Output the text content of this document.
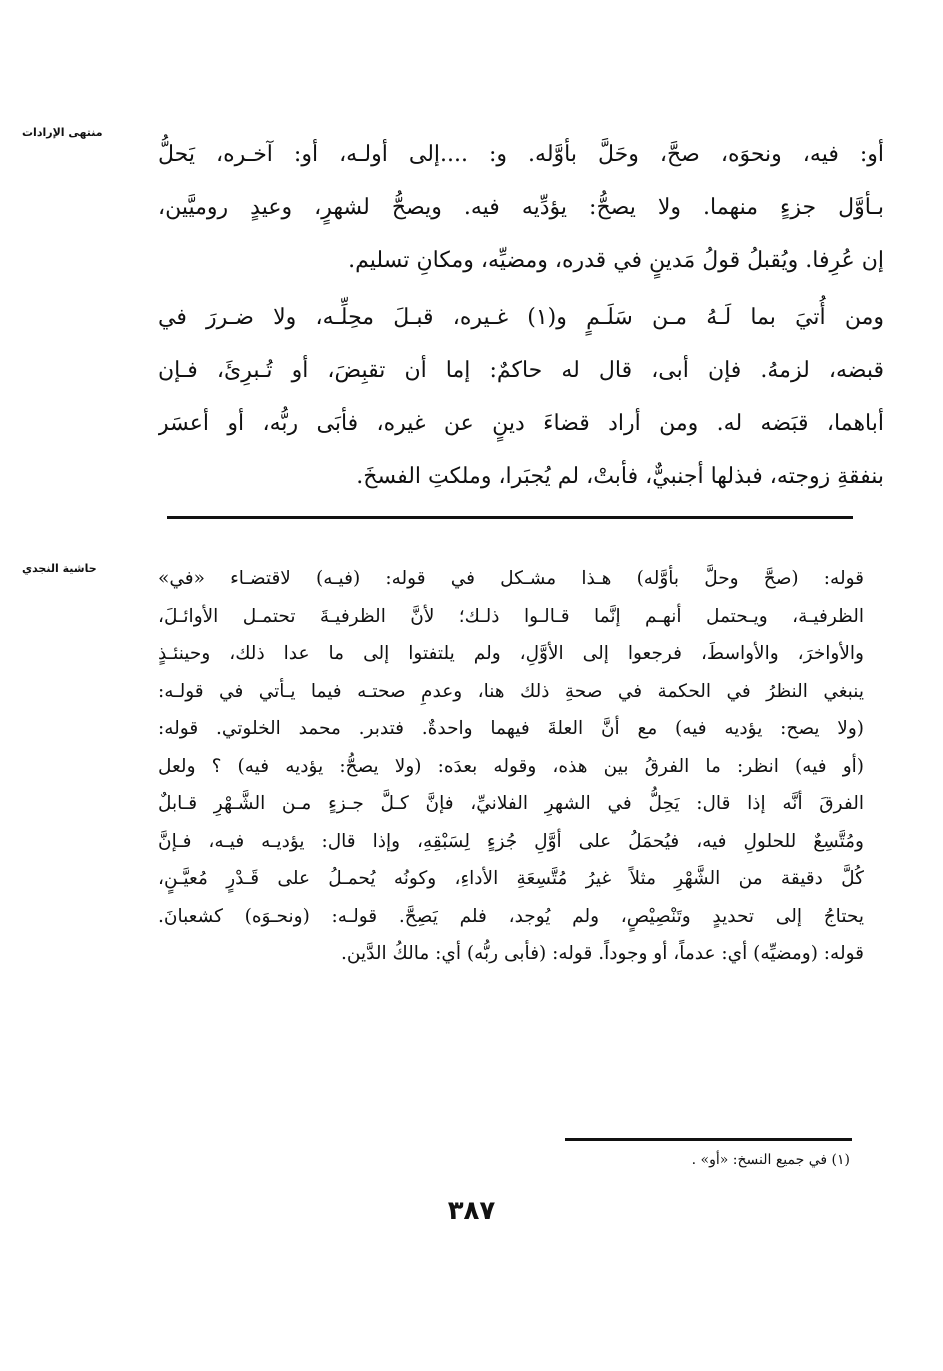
منتهى الإرادات
أو: فيه، ونحوَه، صحَّ، وحَلَّ بأوَّله. و: ....إلى أولـه، أو: آخـره، يَحلُّ
بـأوَّل جزءٍ منهما. ولا يصحُّ: يؤدِّيه فيه. ويصحُّ لشهرٍ، وعيدٍ روميَّين،
إن عُرِفا. ويُقبلُ قولُ مَدينٍ في قدره، ومضيِّه، ومكانِ تسليم.
ومن أُتيَ بما لَـهُ مـن سَلَـمٍ و(١) غـيره، قبـلَ محِلِّـه، ولا ضـررَ في
قبضه، لزمهُ. فإن أبى، قال له حاكمٌ: إما أن تقبِضَ، أو تُـبرِئَ، فـإن
أباهما، قبَضه له. ومن أراد قضاءَ دينٍ عن غيره، فأبَى ربُّه، أو أعسَر
بنفقةِ زوجته، فبذلها أجنبيٌّ، فأبتْ، لم يُجبَرا، وملكتِ الفسخَ.
حاشية النجدي	قوله: (صحَّ وحلَّ بأوَّله) هـذا مشـكل في قوله: (فيـه) لاقتضـاء «في»
الظرفيـة، ويـحتمل أنهـم إنَّما قـالـوا ذلـك؛ لأنَّ الظرفيـةَ تحتمـل الأوائـلَ،
والأواخرَ، والأواسطَ، فرجعوا إلى الأوَّلِ، ولم يلتفتوا إلى ما عدا ذلك، وحينئـذٍ
ينبغي النظرُ في الحكمة في صحةِ ذلك هنا، وعدمِ صحتـه فيما يـأتي في قولـه:
(ولا يصح: يؤديه فيه) مع أنَّ العلةَ فيهما واحدةٌ. فتدبر. محمد الخلوتي. قوله:
(أو فيه) انظر: ما الفرقُ بين هذه، وقوله بعدَه: (ولا يصحُّ: يؤديه فيه) ؟ ولعل
الفرقَ أنَّه إذا قال: يَحِلُّ في الشهرِ الفلانيِّ، فإنَّ كـلَّ جـزءٍ مـن الشَّـهْرِ قـابلٌ
ومُتَّسِعٌ للحلولِ فيه، فيُحمَلُ على أوَّلِ جُزءٍ لِسَبْقِهِ، وإذا قال: يؤديـه فيـه، فـإنَّ
كُلَّ دقيقة من الشَّهْرِ مثلاً غيرُ مُتَّسِعَةِ الأداءِ، وكونُه يُحمـلُ على قَـدْرٍ مُعيَّـنٍ،
يحتاجُ إلى تحديدٍ وتَنْصِيْصٍ، ولم يُوجد، فلم يَصِحَّ. قولـه: (ونحـوَه) كشعبانَ.
قوله: (ومضيِّه) أي: عدماً، أو وجوداً. قوله: (فأبى ربُّه) أي: مالكُ الدَّين.
(١) في جميع النسخ: «أو» .
٣٨٧
